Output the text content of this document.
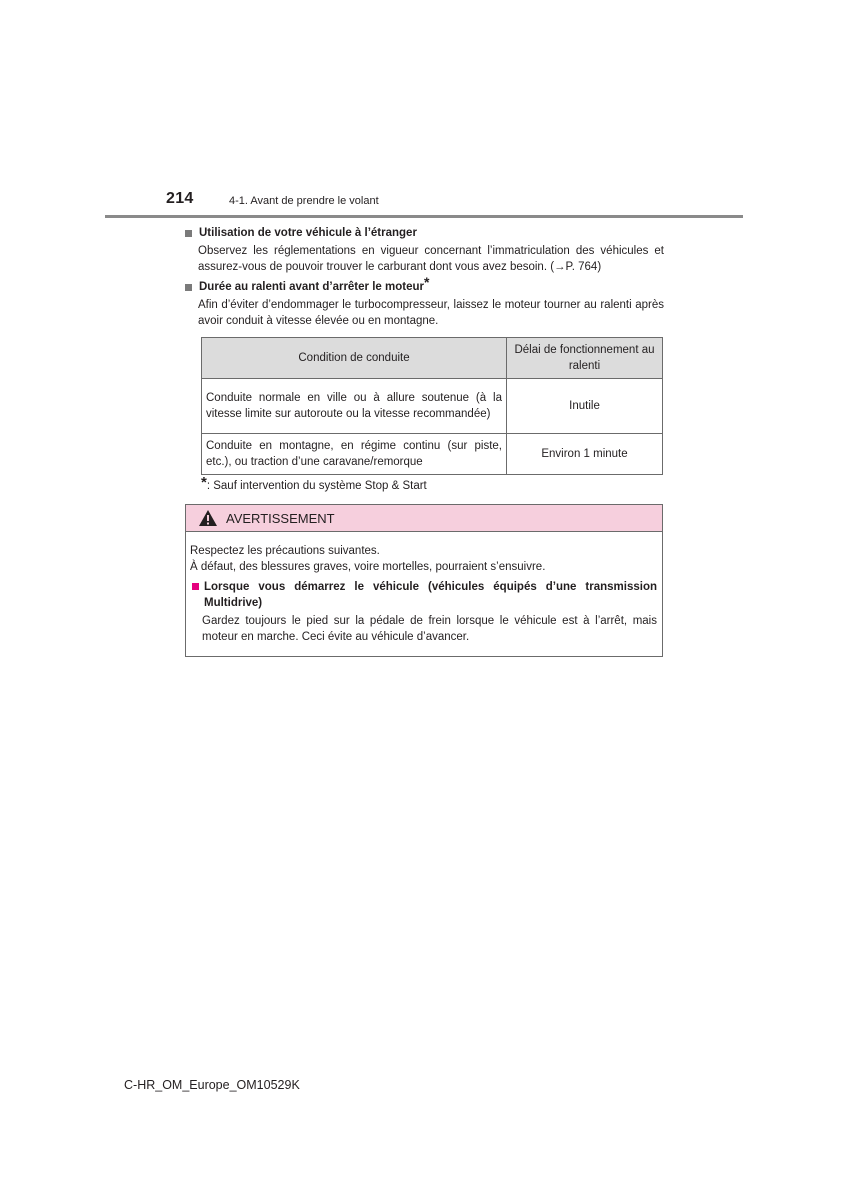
214	4-1. Avant de prendre le volant
Utilisation de votre véhicule à l’étranger
Observez les réglementations en vigueur concernant l’immatriculation des véhicules et assurez-vous de pouvoir trouver le carburant dont vous avez besoin. (→P. 764)
Durée au ralenti avant d’arrêter le moteur *
Afin d’éviter d’endommager le turbocompresseur, laissez le moteur tourner au ralenti après avoir conduit à vitesse élevée ou en montagne.
Condition de conduite	Délai de fonctionnement au ralenti
Conduite normale en ville ou à allure soutenue (à la vitesse limite sur autoroute ou la vitesse recommandée)	Inutile
Conduite en montagne, en régime continu (sur piste, etc.), ou traction d’une caravane/remorque	Environ 1 minute
*: Sauf intervention du système Stop & Start
AVERTISSEMENT
Respectez les précautions suivantes.
À défaut, des blessures graves, voire mortelles, pourraient s’ensuivre.
Lorsque vous démarrez le véhicule (véhicules équipés d’une transmission Multidrive)
Gardez toujours le pied sur la pédale de frein lorsque le véhicule est à l’arrêt, mais moteur en marche. Ceci évite au véhicule d’avancer.
C-HR_OM_Europe_OM10529K
